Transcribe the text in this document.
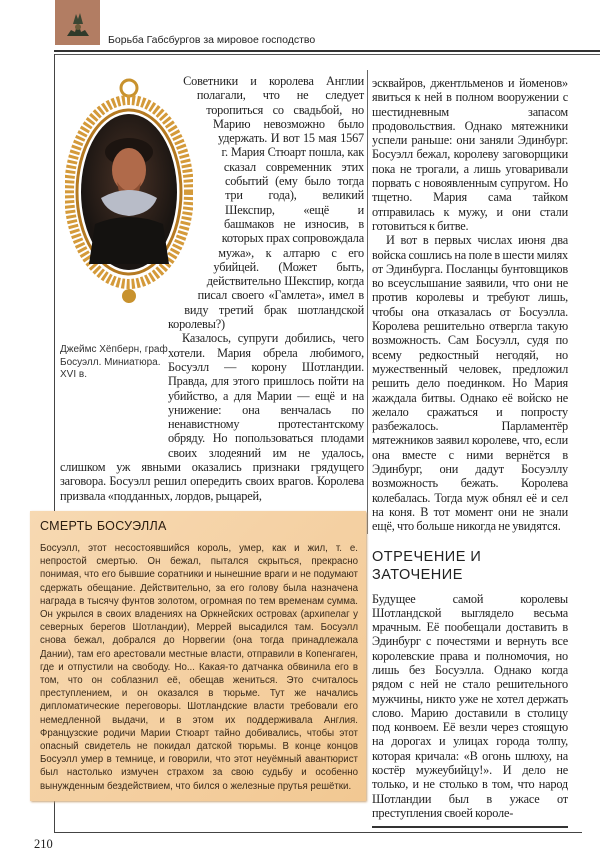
Борьба Габсбургов за мировое господство
Джеймс Хёпберн, граф Босуэлл. Миниатюра. XVI в.

Советники и королева Англии полагали, что не следует торопиться со свадьбой, но Марию невозможно было удержать. И вот 15 мая 1567 г. Мария Стюарт пошла, как сказал современник этих событий (ему было тогда три года), великий Шекспир, «ещё и башмаков не износив, в которых прах сопровождала мужа», к алтарю с его убийцей. (Может быть, действительно Шекспир, когда писал своего «Гамлета», имел в виду третий брак шотландской королевы?)

Казалось, супруги добились, чего хотели. Мария обрела любимого, Босуэлл — корону Шотландии. Правда, для этого пришлось пойти на убийство, а для Марии — ещё и на унижение: она венчалась по ненавистному протестантскому обряду. Но попользоваться плодами своих злодеяний им не удалось, слишком уж явными оказались признаки грядущего заговора. Босуэлл решил опередить своих врагов. Королева призвала «подданных, лордов, рыцарей,

эсквайров, джентльменов и йоменов» явиться к ней в полном вооружении с шестидневным запасом продовольствия. Однако мятежники успели раньше: они заняли Эдинбург. Босуэлл бежал, королеву заговорщики пока не трогали, а лишь уговаривали порвать с новоявленным супругом. Но тщетно. Мария сама тайком отправилась к мужу, и они стали готовиться к битве.

И вот в первых числах июня два войска сошлись на поле в шести милях от Эдинбурга. Посланцы бунтовщиков во всеуслышание заявили, что они не против королевы и требуют лишь, чтобы она отказалась от Босуэлла. Королева решительно отвергла такую возможность. Сам Босуэлл, судя по всему редкостный негодяй, но мужественный человек, предложил решить дело поединком. Но Мария жаждала битвы. Однако её войско не желало сражаться и попросту разбежалось. Парламентёр мятежников заявил королеве, что, если она вместе с ними вернётся в Эдинбург, они дадут Босуэллу возможность бежать. Королева колебалась. Тогда муж обнял её и сел на коня. В тот момент они не знали ещё, что больше никогда не увидятся.

ОТРЕЧЕНИЕ И ЗАТОЧЕНИЕ

Будущее самой королевы Шотландской выглядело весьма мрачным. Её пообещали доставить в Эдинбург с почестями и вернуть все королевские права и полномочия, но лишь без Босуэлла. Однако когда рядом с ней не стало решительного мужчины, никто уже не хотел держать слово. Марию доставили в столицу под конвоем. Её везли через стоящую на дорогах и улицах города толпу, которая кричала: «В огонь шлюху, на костёр мужеубийцу!». И дело не только, и не столько в том, что народ Шотландии был в ужасе от преступления своей короле-

СМЕРТЬ БОСУЭЛЛА

Босуэлл, этот несостоявшийся король, умер, как и жил, т. е. непростой смертью. Он бежал, пытался скрыться, прекрасно понимая, что его бывшие соратники и нынешние враги и не подумают сдержать обещание. Действительно, за его голову была назначена награда в тысячу фунтов золотом, огромная по тем временам сумма. Он укрылся в своих владениях на Оркнейских островах (архипелаг у северных берегов Шотландии), Меррей высадился там. Босуэлл снова бежал, добрался до Норвегии (она тогда принадлежала Дании), там его арестовали местные власти, отправили в Копенгаген, где и отпустили на свободу. Но... Какая-то датчанка обвинила его в том, что он соблазнил её, обещав жениться. Это считалось преступлением, и он оказался в тюрьме. Тут же начались дипломатические переговоры. Шотландские власти требовали его немедленной выдачи, и в этом их поддерживала Англия. Французские родичи Марии Стюарт тайно добивались, чтобы этот опасный свидетель не покидал датской тюрьмы. В конце концов Босуэлл умер в темнице, и говорили, что этот неуёмный авантюрист был настолько измучен страхом за свою судьбу и особенно вынужденным бездействием, что бился о железные прутья решётки.

210
